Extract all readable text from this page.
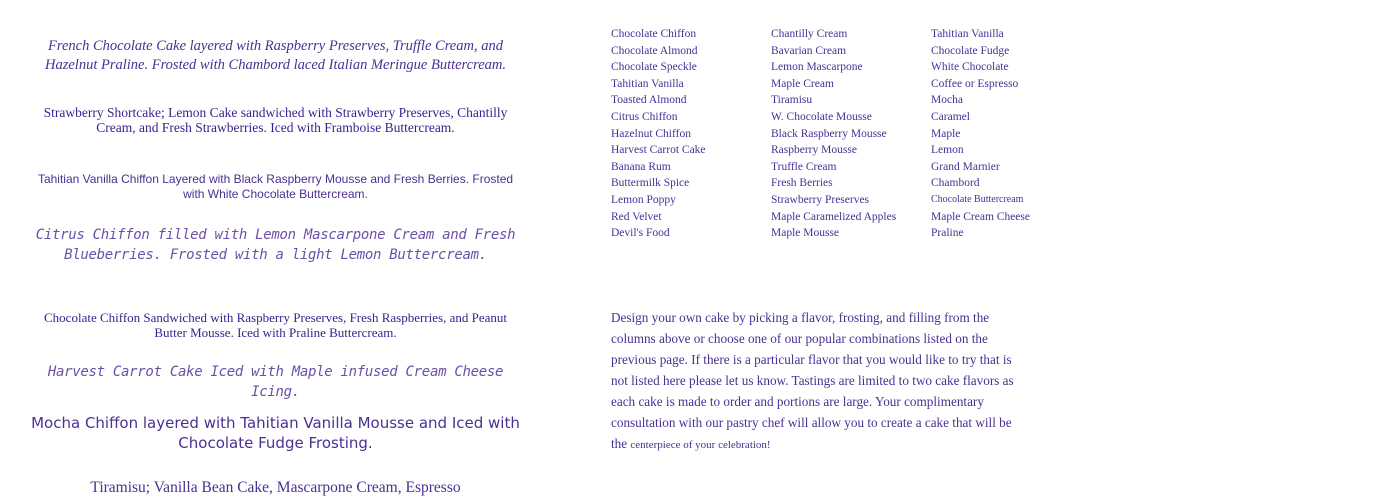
French Chocolate Cake layered with Raspberry Preserves, Truffle Cream, and Hazelnut Praline. Frosted with Chambord laced Italian Meringue Buttercream.

Strawberry Shortcake; Lemon Cake sandwiched with Strawberry Preserves, Chantilly Cream, and Fresh Strawberries. Iced with Framboise Buttercream.

Tahitian Vanilla Chiffon Layered with Black Raspberry Mousse and Fresh Berries. Frosted with White Chocolate Buttercream.

Citrus Chiffon filled with Lemon Mascarpone Cream and Fresh Blueberries. Frosted with a light Lemon Buttercream.

Chocolate Chiffon Sandwiched with Raspberry Preserves, Fresh Raspberries, and Peanut Butter Mousse. Iced with Praline Buttercream.

Harvest Carrot Cake Iced with Maple infused Cream Cheese Icing.

Mocha Chiffon layered with Tahitian Vanilla Mousse and Iced with Chocolate Fudge Frosting.

Tiramisu; Vanilla Bean Cake, Mascarpone Cream, Espresso

Chocolate Chiffon
Chocolate Almond
Chocolate Speckle
Tahitian Vanilla
Toasted Almond
Citrus Chiffon
Hazelnut Chiffon
Harvest Carrot Cake
Banana Rum
Buttermilk Spice
Lemon Poppy
Red Velvet
Devil's Food
Chantilly Cream
Bavarian Cream
Lemon Mascarpone
Maple Cream
Tiramisu
W. Chocolate Mousse
Black Raspberry Mousse
Raspberry Mousse
Truffle Cream
Fresh Berries
Strawberry Preserves
Maple Caramelized Apples
Maple Mousse
Tahitian Vanilla
Chocolate Fudge
White Chocolate
Coffee or Espresso
Mocha
Caramel
Maple
Lemon
Grand Marnier
Chambord
Chocolate Buttercream
Maple Cream Cheese
Praline

Design your own cake by picking a flavor, frosting, and filling from the columns above or choose one of our popular combinations listed on the previous page. If there is a particular flavor that you would like to try that is not listed here please let us know. Tastings are limited to two cake flavors as each cake is made to order and portions are large. Your complimentary consultation with our pastry chef will allow you to create a cake that will be the centerpiece of your celebration!
